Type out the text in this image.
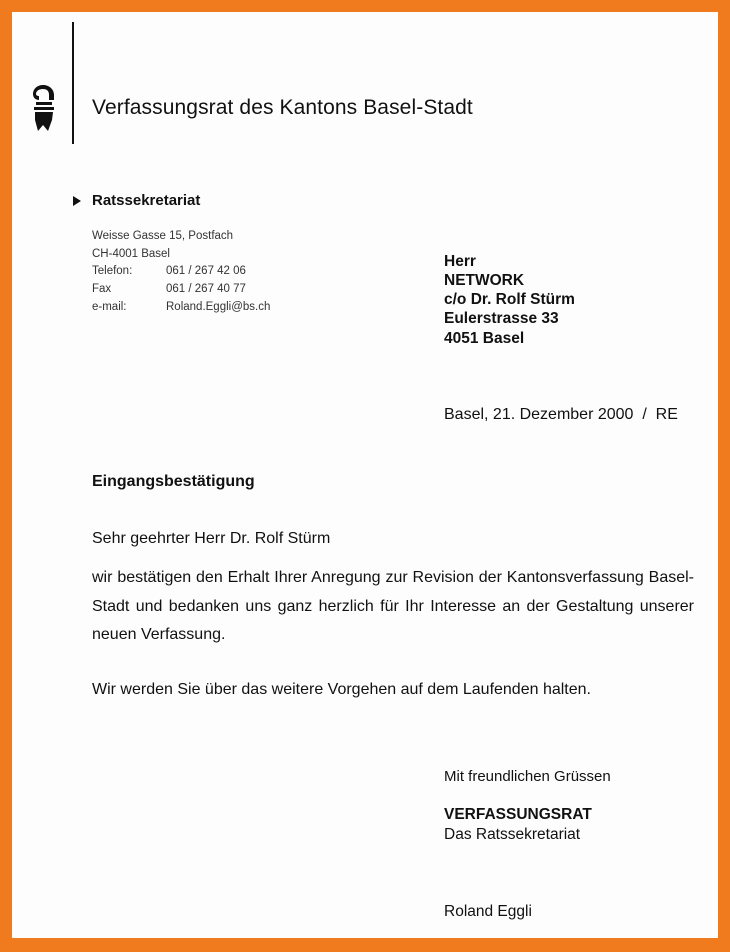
Verfassungsrat des Kantons Basel-Stadt
Ratssekretariat
Weisse Gasse 15, Postfach
CH-4001 Basel
Telefon:	061 / 267 42 06
Fax	061 / 267 40 77
e-mail:	Roland.Eggli@bs.ch
Herr
NETWORK
c/o Dr. Rolf Stürm
Eulerstrasse 33
4051 Basel
Basel, 21. Dezember 2000  /  RE
Eingangsbestätigung
Sehr geehrter Herr Dr. Rolf Stürm
wir bestätigen den Erhalt Ihrer Anregung zur Revision der Kantonsverfassung Basel-Stadt und bedanken uns ganz herzlich für Ihr Interesse an der Gestaltung unserer neuen Verfassung.
Wir werden Sie über das weitere Vorgehen auf dem Laufenden halten.
Mit freundlichen Grüssen
VERFASSUNGSRAT
Das Ratssekretariat
Roland Eggli
